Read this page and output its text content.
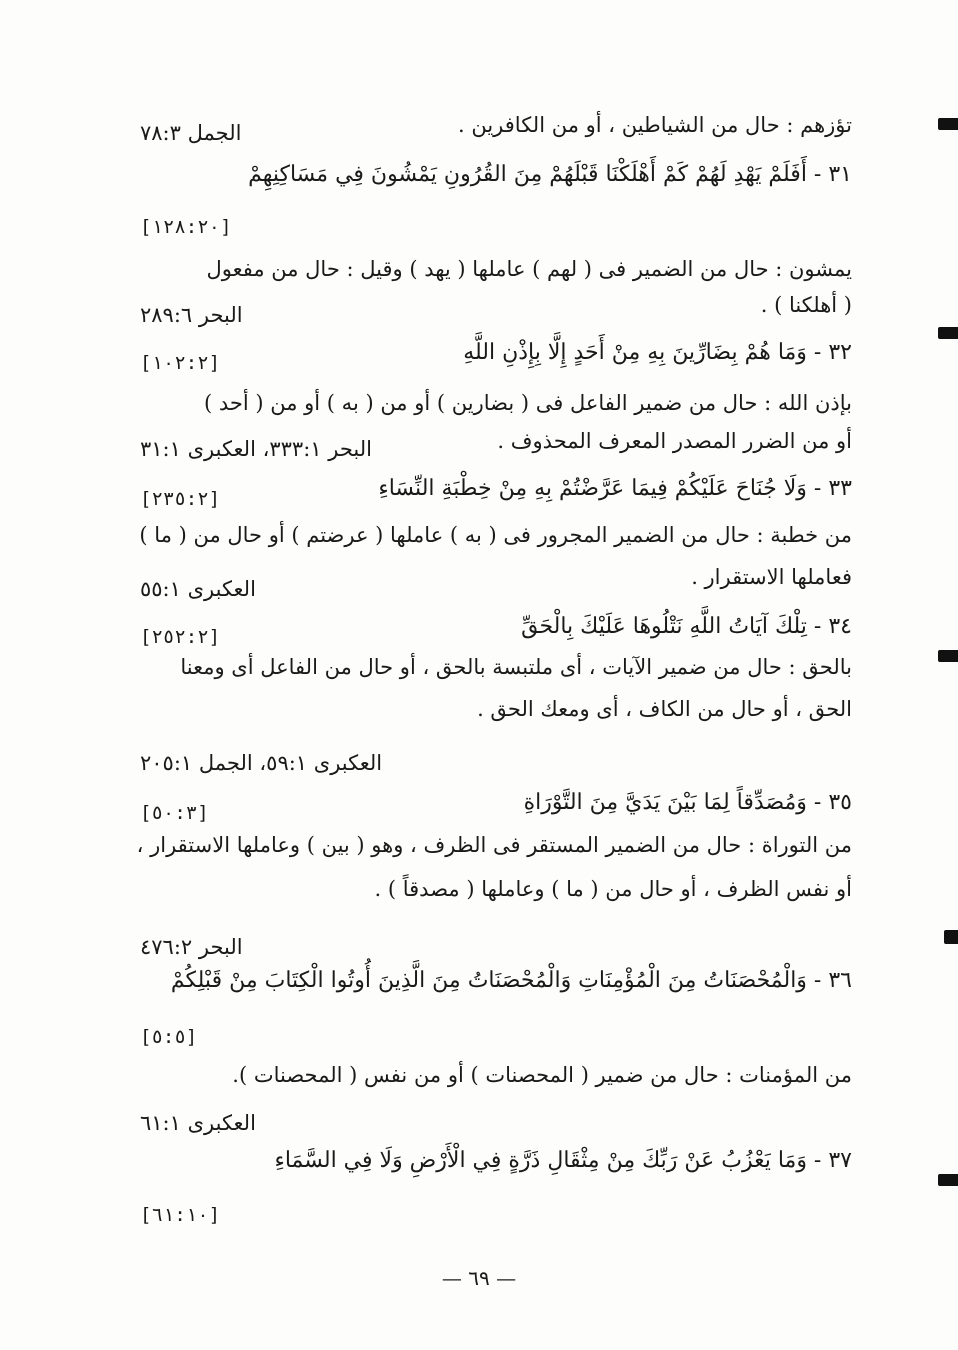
تؤزهم : حال من الشياطين ، أو من الكافرين .
الجمل ٧٨:٣
٣١ - أَفَلَمْ يَهْدِ لَهُمْ كَمْ أَهْلَكْنَا قَبْلَهُمْ مِنَ القُرُونِ يَمْشُونَ فِي مَسَاكِنِهِمْ
[١٢٨:٢٠]
يمشون : حال من الضمير فى ( لهم ) عاملها ( يهد ) وقيل : حال من مفعول
( أهلكنا ) .
البحر ٢٨٩:٦
٣٢ - وَمَا هُمْ بِضَارِّينَ بِهِ مِنْ أَحَدٍ إِلَّا بِإِذْنِ اللَّهِ
[١٠٢:٢]
بإذن الله : حال من ضمير الفاعل فى ( بضارين ) أو من ( به ) أو من ( أحد )
أو من الضرر المصدر المعرف المحذوف .
البحر ٣٣٣:١، العكبرى ٣١:١
٣٣ - وَلَا جُنَاحَ عَلَيْكُمْ فِيمَا عَرَّضْتُمْ بِهِ مِنْ خِطْبَةِ النِّسَاءِ
[٢٣٥:٢]
من خطبة : حال من الضمير المجرور فى ( به ) عاملها ( عرضتم ) أو حال من ( ما )
فعاملها الاستقرار .
العكبرى ٥٥:١
٣٤ - تِلْكَ آيَاتُ اللَّهِ نَتْلُوهَا عَلَيْكَ بِالْحَقِّ
[٢٥٢:٢]
بالحق : حال من ضمير الآيات ، أى ملتبسة بالحق ، أو حال من الفاعل أى ومعنا
الحق ، أو حال من الكاف ، أى ومعك الحق .
العكبرى ٥٩:١، الجمل ٢٠٥:١
٣٥ - وَمُصَدِّقاً لِمَا بَيْنَ يَدَيَّ مِنَ التَّوْرَاةِ
[٥٠:٣]
من التوراة : حال من الضمير المستقر فى الظرف ، وهو ( بين ) وعاملها الاستقرار ،
أو نفس الظرف ، أو حال من ( ما ) وعاملها ( مصدقاً ) .
البحر ٤٧٦:٢
٣٦ - وَالْمُحْصَنَاتُ مِنَ الْمُؤْمِنَاتِ وَالْمُحْصَنَاتُ مِنَ الَّذِينَ أُوتُوا الْكِتَابَ مِنْ قَبْلِكُمْ
[٥:٥]
من المؤمنات : حال من ضمير ( المحصنات ) أو من نفس ( المحصنات ).
العكبرى ٦١:١
٣٧ - وَمَا يَعْزُبُ عَنْ رَبِّكَ مِنْ مِثْقَالِ ذَرَّةٍ فِي الْأَرْضِ وَلَا فِي السَّمَاءِ
[٦١:١٠]
— ٦٩ —
